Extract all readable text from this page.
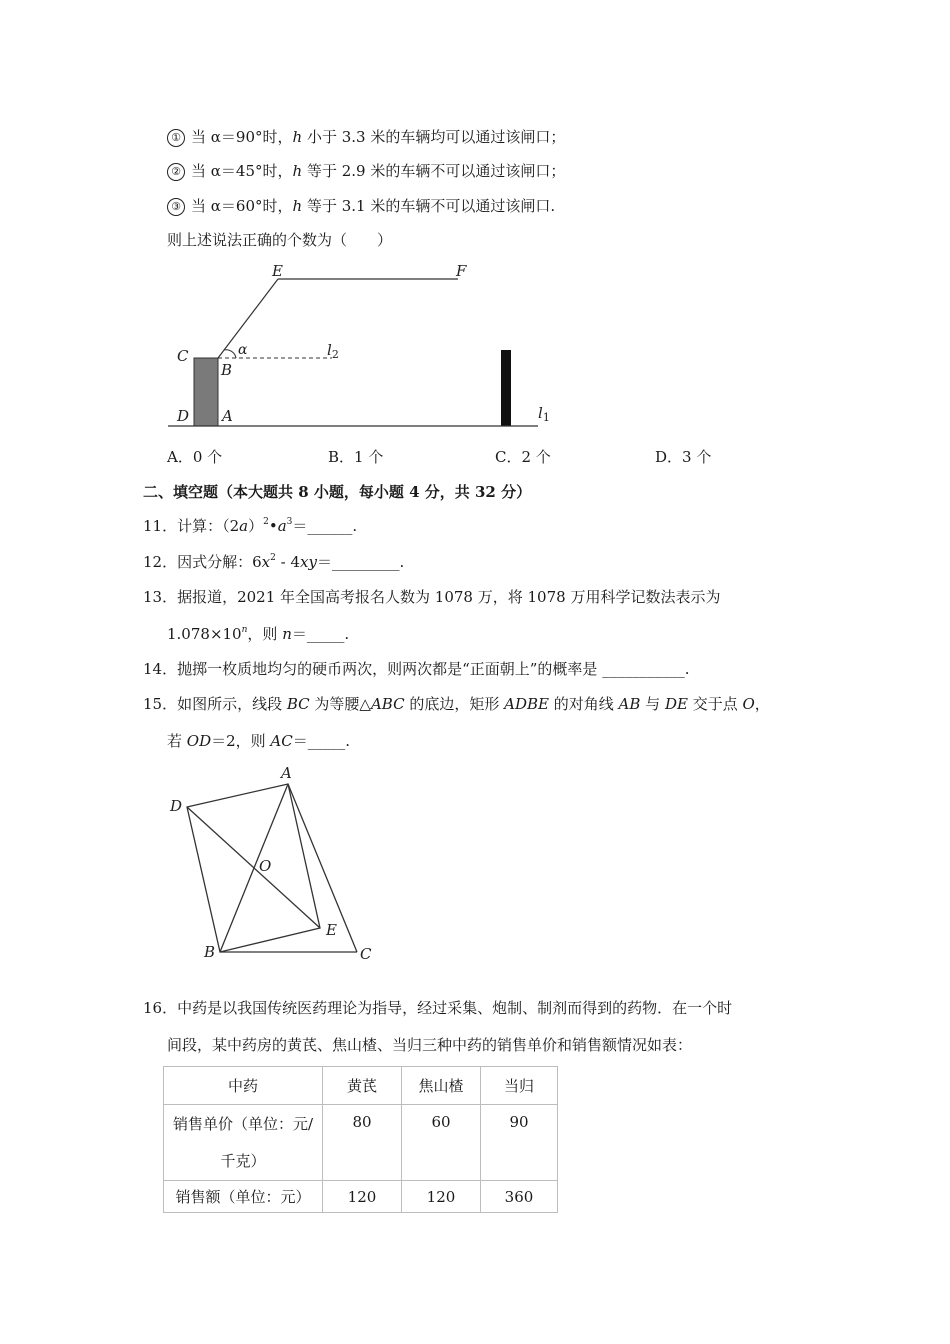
① 当 α＝90°时，h 小于 3.3 米的车辆均可以通过该闸口；
② 当 α＝45°时，h 等于 2.9 米的车辆不可以通过该闸口；
③ 当 α＝60°时，h 等于 3.1 米的车辆不可以通过该闸口.
则上述说法正确的个数为（　　）
E	F
C
B
α	$l_2$
D A	$l_1$
A．0 个	B．1 个	C．2 个	D．3 个
二、填空题（本大题共 8 小题，每小题 4 分，共 32 分）
11．计算：$(2a)^2•a^3=\_\_\_\_\_\_$.
12．因式分解：$6x^2$ ‑ 4xy＝_________.
13．据报道，2021 年全国高考报名人数为 1078 万，将 1078 万用科学记数法表示为
$1.078\times 10^n$，则 n＝_____.
14．抛掷一枚质地均匀的硬币两次，则两次都是“正面朝上”的概率是 ___________.
15．如图所示，线段 BC 为等腰△ABC 的底边，矩形 ADBE 的对角线 AB 与 DE 交于点 O，
若 OD＝2，则 AC＝_____.
A
D
O
E
B	C
16．中药是以我国传统医药理论为指导，经过采集、炮制、制剂而得到的药物．在一个时
间段，某中药房的黄芪、焦山楂、当归三种中药的销售单价和销售额情况如表：
中药	黄芪	焦山楂	当归

销售单价（单位：元/
千克）	80	60	90
销售额（单位：元）	120	120	360
